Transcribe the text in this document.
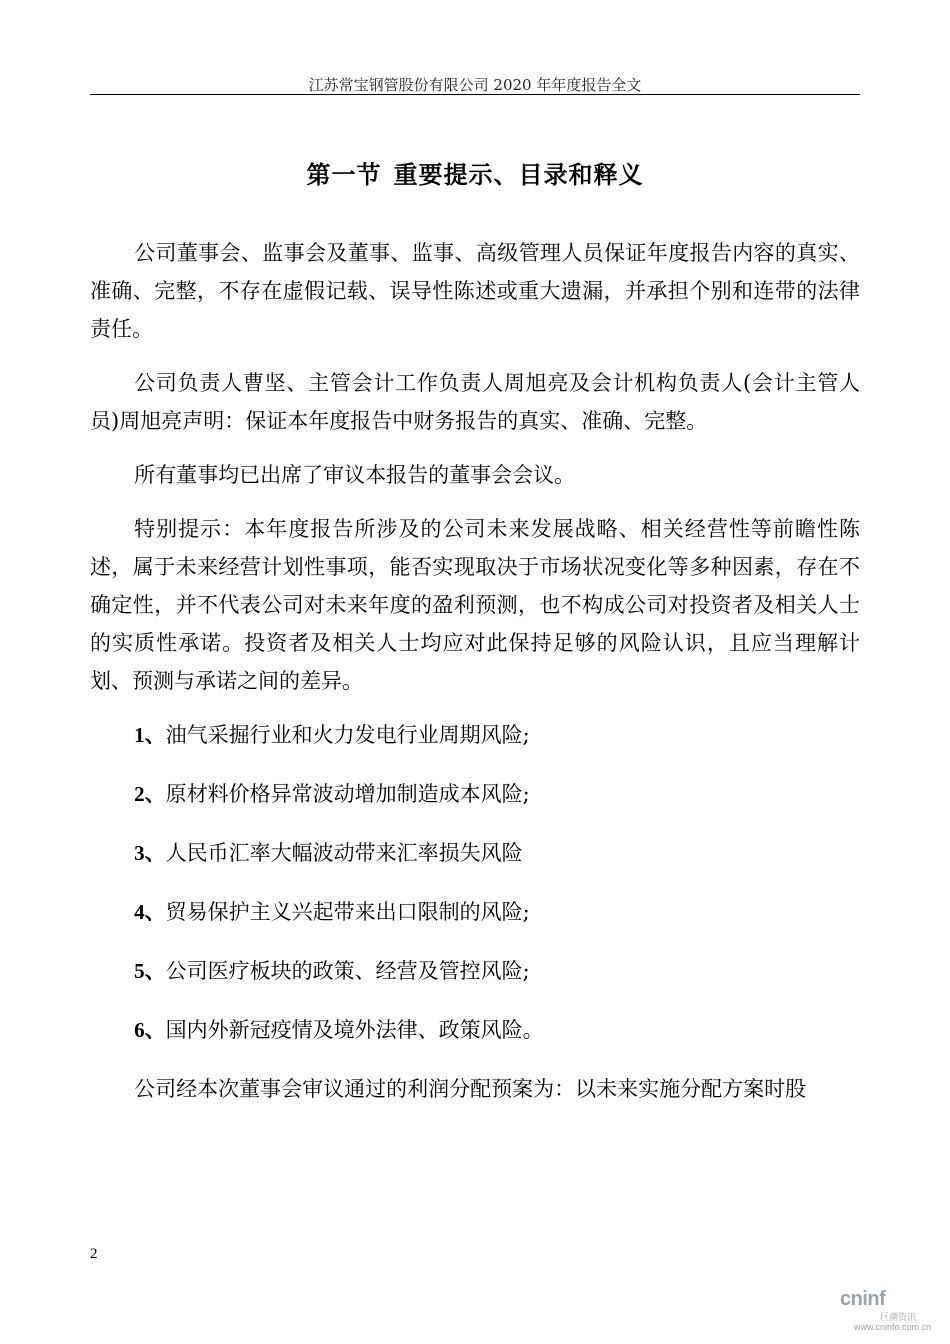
江苏常宝钢管股份有限公司 2020 年年度报告全文
第一节 重要提示、目录和释义

公司董事会、监事会及董事、监事、高级管理人员保证年度报告内容的真实、准确、完整，不存在虚假记载、误导性陈述或重大遗漏，并承担个别和连带的法律责任。

公司负责人曹坚、主管会计工作负责人周旭亮及会计机构负责人(会计主管人员)周旭亮声明：保证本年度报告中财务报告的真实、准确、完整。

所有董事均已出席了审议本报告的董事会会议。

特别提示：本年度报告所涉及的公司未来发展战略、相关经营性等前瞻性陈述，属于未来经营计划性事项，能否实现取决于市场状况变化等多种因素，存在不确定性，并不代表公司对未来年度的盈利预测，也不构成公司对投资者及相关人士的实质性承诺。投资者及相关人士均应对此保持足够的风险认识，且应当理解计划、预测与承诺之间的差异。

1、油气采掘行业和火力发电行业周期风险;
2、原材料价格异常波动增加制造成本风险;
3、人民币汇率大幅波动带来汇率损失风险
4、贸易保护主义兴起带来出口限制的风险;
5、公司医疗板块的政策、经营及管控风险;
6、国内外新冠疫情及境外法律、政策风险。

公司经本次董事会审议通过的利润分配预案为：以未来实施分配方案时股

2
cninf
巨潮资讯
www.cninfo.com.cn
